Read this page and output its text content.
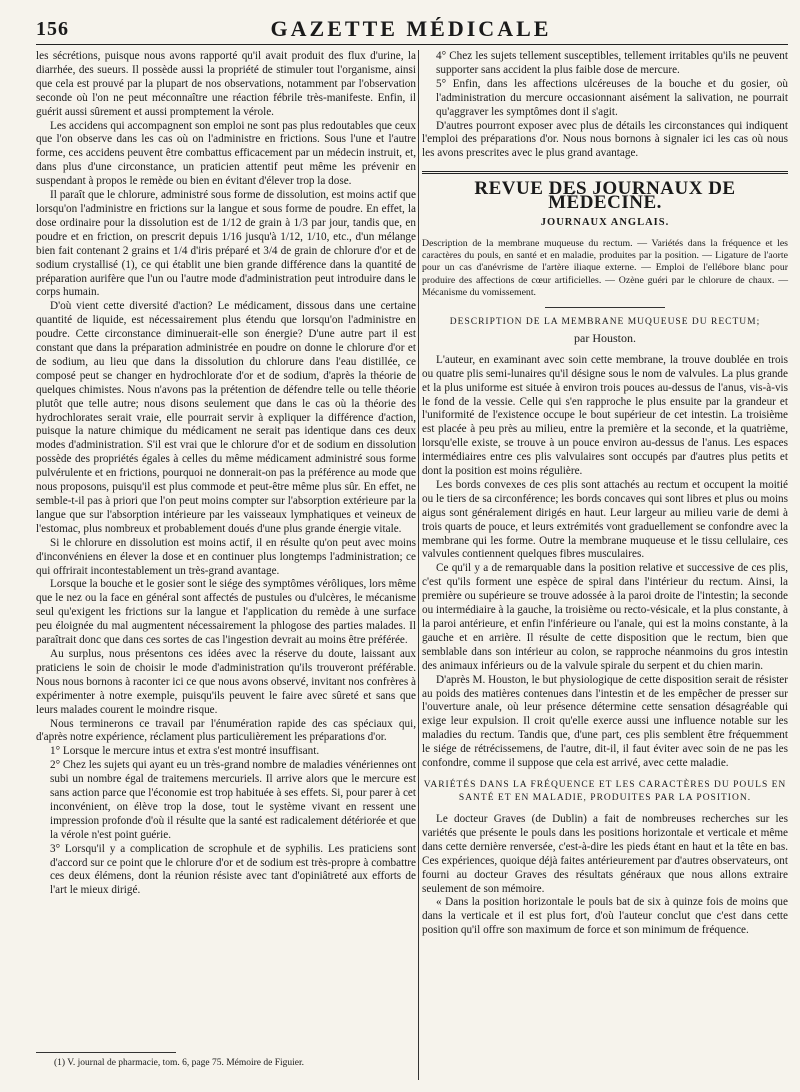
156	GAZETTE MÉDICALE

les sécrétions, puisque nous avons rapporté qu'il avait produit des flux d'urine, la diarrhée, des sueurs. Il possède aussi la propriété de stimuler tout l'organisme, ainsi que cela est prouvé par la plupart de nos observations, notamment par l'observation seconde où l'on ne peut méconnaître une réaction fébrile très-manifeste. Enfin, il guérit aussi sûrement et aussi promptement la vérole.

Les accidens qui accompagnent son emploi ne sont pas plus redoutables que ceux que l'on observe dans les cas où on l'administre en frictions. Sous l'une et l'autre forme, ces accidens peuvent être combattus efficacement par un médecin instruit, et, dans plus d'une circonstance, un praticien attentif peut même les prévenir en suspendant à propos le remède ou bien en évitant d'élever trop la dose.

Il paraît que le chlorure, administré sous forme de dissolution, est moins actif que lorsqu'on l'administre en frictions sur la langue et sous forme de poudre. En effet, la dose ordinaire pour la dissolution est de 1/12 de grain à 1/3 par jour, tandis que, en poudre et en friction, on prescrit depuis 1/16 jusqu'à 1/12, 1/10, etc., d'un mélange bien fait contenant 2 grains et 1/4 d'iris préparé et 3/4 de grain de chlorure d'or et de sodium crystallisé (1), ce qui établit une bien grande différence dans la quantité de préparation aurifère que l'un ou l'autre mode d'administration peut introduire dans le corps humain.

D'où vient cette diversité d'action? Le médicament, dissous dans une certaine quantité de liquide, est nécessairement plus étendu que lorsqu'on l'administre en poudre. Cette circonstance diminuerait-elle son énergie? D'une autre part il est constant que dans la préparation administrée en poudre on donne le chlorure d'or et de sodium, au lieu que dans la dissolution du chlorure dans l'eau distillée, ce composé peut se changer en hydrochlorate d'or et de sodium, d'après la théorie de quelques chimistes. Nous n'avons pas la prétention de défendre telle ou telle théorie plutôt que telle autre; nous disons seulement que dans le cas où la théorie des hydrochlorates serait vraie, elle pourrait servir à expliquer la différence d'action, puisque la nature chimique du médicament ne serait pas identique dans ces deux modes d'administration. S'il est vrai que le chlorure d'or et de sodium en dissolution possède des propriétés égales à celles du même médicament administré sous forme pulvérulente et en frictions, pourquoi ne donnerait-on pas la préférence au mode que nous proposons, puisqu'il est plus commode et peut-être même plus sûr. En effet, ne semble-t-il pas à priori que l'on peut moins compter sur l'absorption extérieure par la langue que sur l'absorption intérieure par les vaisseaux lymphatiques et veineux de l'estomac, plus nombreux et probablement doués d'une plus grande énergie vitale.

Si le chlorure en dissolution est moins actif, il en résulte qu'on peut avec moins d'inconvéniens en élever la dose et en continuer plus longtemps l'administration; ce qui offrirait incontestablement un très-grand avantage.

Lorsque la bouche et le gosier sont le siége des symptômes vérôliques, lors même que le nez ou la face en général sont affectés de pustules ou d'ulcères, le mécanisme seul qu'exigent les frictions sur la langue et l'application du remède à une surface peu éloignée du mal augmentent nécessairement la phlogose des parties malades. Il paraîtrait donc que dans ces sortes de cas l'ingestion devrait au moins être préférée.

Au surplus, nous présentons ces idées avec la réserve du doute, laissant aux praticiens le soin de choisir le mode d'administration qu'ils trouveront préférable. Nous nous bornons à raconter ici ce que nous avons observé, invitant nos confrères à expérimenter à notre exemple, puisqu'ils peuvent le faire avec sûreté et sans que leurs malades courent le moindre risque.

Nous terminerons ce travail par l'énumération rapide des cas spéciaux qui, d'après notre expérience, réclament plus particulièrement les préparations d'or.

1° Lorsque le mercure intus et extra s'est montré insuffisant.

2° Chez les sujets qui ayant eu un très-grand nombre de maladies vénériennes ont subi un nombre égal de traitemens mercuriels. Il arrive alors que le mercure est sans action parce que l'économie est trop habituée à ses effets. Si, pour parer à cet inconvénient, on élève trop la dose, tout le système vivant en ressent une impression profonde d'où il résulte que la santé est radicalement détériorée et que la vérole n'est point guérie.

3° Lorsqu'il y a complication de scrophule et de syphilis. Les praticiens sont d'accord sur ce point que le chlorure d'or et de sodium est très-propre à combattre ces deux élémens, dont la réunion résiste avec tant d'opiniâtreté aux efforts de l'art le mieux dirigé.

4° Chez les sujets tellement susceptibles, tellement irritables qu'ils ne peuvent supporter sans accident la plus faible dose de mercure.

5° Enfin, dans les affections ulcéreuses de la bouche et du gosier, où l'administration du mercure occasionnant aisément la salivation, ne pourrait qu'aggraver les symptômes dont il s'agit.

D'autres pourront exposer avec plus de détails les circonstances qui indiquent l'emploi des préparations d'or. Nous nous bornons à signaler ici les cas où nous les avons prescrites avec le plus grand avantage.

REVUE DES JOURNAUX DE MÉDECINE.
JOURNAUX ANGLAIS.
Description de la membrane muqueuse du rectum. — Variétés dans la fréquence et les caractères du pouls, en santé et en maladie, produites par la position. — Ligature de l'aorte pour un cas d'anévrisme de l'artère iliaque externe. — Emploi de l'ellébore blanc pour produire des affections de cœur artificielles. — Ozène guéri par le chlorure de chaux. — Mécanisme du vomissement.
DESCRIPTION DE LA MEMBRANE MUQUEUSE DU RECTUM;
par Houston.

L'auteur, en examinant avec soin cette membrane, la trouve doublée en trois ou quatre plis semi-lunaires qu'il désigne sous le nom de valvules. La plus grande et la plus uniforme est située à environ trois pouces au-dessus de l'anus, vis-à-vis le fond de la vessie. Celle qui s'en rapproche le plus ensuite par la grandeur et l'uniformité de l'existence occupe le bout supérieur de cet intestin. La troisième est placée à peu près au milieu, entre la première et la seconde, et la quatrième, lorsqu'elle existe, se trouve à un pouce environ au-dessus de l'anus. Les espaces intermédiaires entre ces plis valvulaires sont occupés par d'autres plus petits et dont la position est moins régulière.

Les bords convexes de ces plis sont attachés au rectum et occupent la moitié ou le tiers de sa circonférence; les bords concaves qui sont libres et plus ou moins aigus sont généralement dirigés en haut. Leur largeur au milieu varie de demi à trois quarts de pouce, et leurs extrémités vont graduellement se confondre avec la membrane qui les forme. Outre la membrane muqueuse et le tissu cellulaire, ces valvules contiennent quelques fibres musculaires.

Ce qu'il y a de remarquable dans la position relative et successive de ces plis, c'est qu'ils forment une espèce de spiral dans l'intérieur du rectum. Ainsi, la première ou supérieure se trouve adossée à la paroi droite de l'intestin; la seconde ou intermédiaire à la gauche, la troisième ou recto-vésicale, et la plus constante, à la paroi antérieure, et enfin l'inférieure ou l'anale, qui est la moins constante, à la gauche et en arrière. Il résulte de cette disposition que le rectum, bien que semblable dans son intérieur au colon, se rapproche néanmoins du gros intestin des animaux inférieurs ou de la valvule spirale du serpent et du chien marin.

D'après M. Houston, le but physiologique de cette disposition serait de résister au poids des matières contenues dans l'intestin et de les empêcher de presser sur l'ouverture anale, où leur présence détermine cette sensation désagréable qui exige leur expulsion. Il croit qu'elle exerce aussi une influence notable sur les maladies du rectum. Tandis que, d'une part, ces plis semblent être fréquemment le siége de rétrécissemens, de l'autre, dit-il, il faut éviter avec soin de ne pas les confondre, comme il suppose que cela est arrivé, avec cette maladie.

VARIÉTÉS DANS LA FRÉQUENCE ET LES CARACTÈRES DU POULS EN SANTÉ ET EN MALADIE, PRODUITES PAR LA POSITION.

Le docteur Graves (de Dublin) a fait de nombreuses recherches sur les variétés que présente le pouls dans les positions horizontale et verticale et même dans cette dernière renversée, c'est-à-dire les pieds étant en haut et la tête en bas. Ces expériences, quoique déjà faites antérieurement par d'autres observateurs, ont fourni au docteur Graves des résultats généraux que nous allons extraire seulement de son mémoire.

« Dans la position horizontale le pouls bat de six à quinze fois de moins que dans la verticale et il est plus fort, d'où l'auteur conclut que c'est dans cette position qu'il offre son maximum de force et son minimum de fréquence.

(1) V. journal de pharmacie, tom. 6, page 75. Mémoire de Figuier.
